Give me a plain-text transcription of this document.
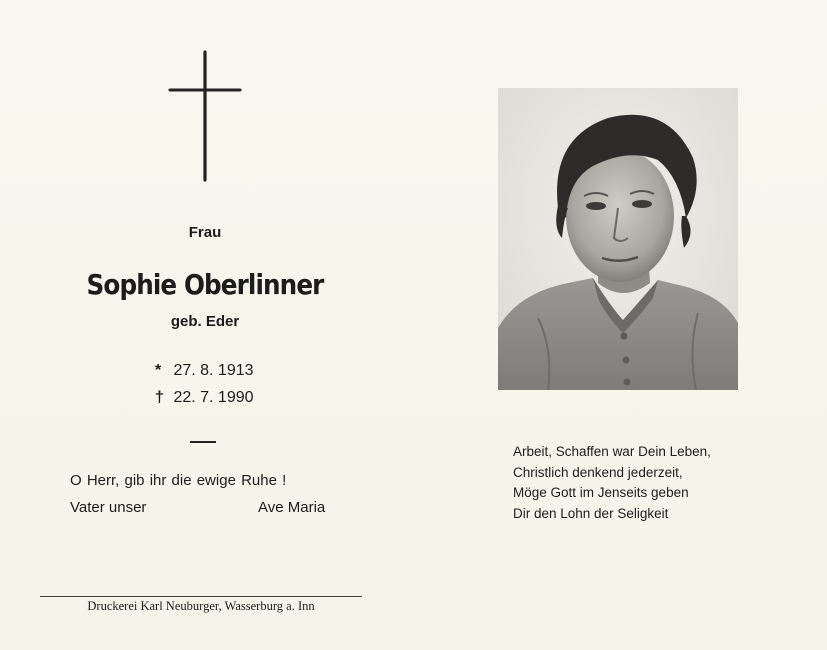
Frau
Sophie Oberlinner
geb. Eder
* 27. 8. 1913
† 22. 7. 1990
O Herr, gib ihr die ewige Ruhe !
Vater unser	Ave Maria
Druckerei Karl Neuburger, Wasserburg a. Inn
Arbeit, Schaffen war Dein Leben,
Christlich denkend jederzeit,
Möge Gott im Jenseits geben
Dir den Lohn der Seligkeit
